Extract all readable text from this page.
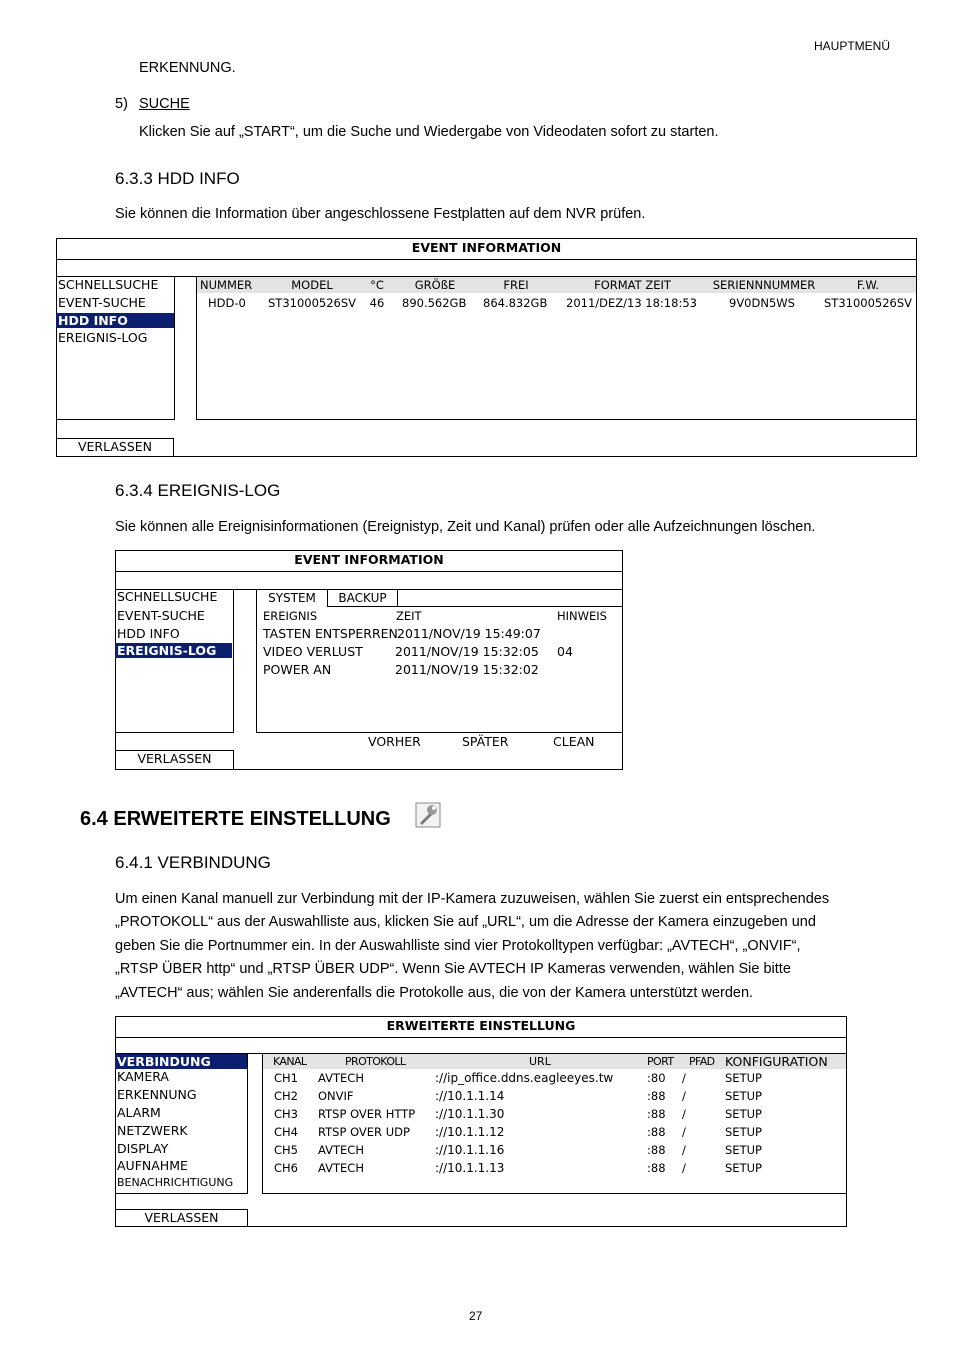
HAUPTMENÜ
ERKENNUNG.
5) SUCHE
Klicken Sie auf „START“, um die Suche und Wiedergabe von Videodaten sofort zu starten.
6.3.3 HDD INFO
Sie können die Information über angeschlossene Festplatten auf dem NVR prüfen.
EVENT INFORMATION
SCHNELLSUCHE
EVENT-SUCHE
HDD INFO
EREIGNIS-LOG
NUMMER	MODEL	°C	GRÖßE	FREI	FORMAT ZEIT	SERIENNNUMMER	F.W.
HDD-0 ST31000526SV	46	890.562GB 864.832GB 2011/DEZ/13 18:18:53	9V0DN5WS	ST31000526SV
VERLASSEN
6.3.4 EREIGNIS-LOG
Sie können alle Ereignisinformationen (Ereignistyp, Zeit und Kanal) prüfen oder alle Aufzeichnungen löschen.
EVENT INFORMATION
SCHNELLSUCHE
EVENT-SUCHE
HDD INFO
EREIGNIS-LOG
SYSTEM	BACKUP
EREIGNIS	ZEIT	HINWEIS
TASTEN ENTSPERREN 2011/NOV/19 15:49:07
VIDEO VERLUST	2011/NOV/19 15:32:05 04
POWER AN	2011/NOV/19 15:32:02
VORHER	SPÄTER	CLEAN
VERLASSEN
6.4 ERWEITERTE EINSTELLUNG
6.4.1 VERBINDUNG
Um einen Kanal manuell zur Verbindung mit der IP-Kamera zuzuweisen, wählen Sie zuerst ein entsprechendes
„PROTOKOLL“ aus der Auswahlliste aus, klicken Sie auf „URL“, um die Adresse der Kamera einzugeben und
geben Sie die Portnummer ein. In der Auswahlliste sind vier Protokolltypen verfügbar: „AVTECH“, „ONVIF“,
„RTSP ÜBER http“ und „RTSP ÜBER UDP“. Wenn Sie AVTECH IP Kameras verwenden, wählen Sie bitte
„AVTECH“ aus; wählen Sie anderenfalls die Protokolle aus, die von der Kamera unterstützt werden.
ERWEITERTE EINSTELLUNG
VERBINDUNG
KAMERA
ERKENNUNG
ALARM
NETZWERK
DISPLAY
AUFNAHME
BENACHRICHTIGUNG
KANAL	PROTOKOLL	URL	PORT PFAD KONFIGURATION
CH1 AVTECH	://ip_office.ddns.eagleeyes.tw	:80 /	SETUP
CH2 ONVIF	://10.1.1.14	:88 /	SETUP
CH3 RTSP OVER HTTP ://10.1.1.30	:88 /	SETUP
CH4 RTSP OVER UDP ://10.1.1.12	:88 /	SETUP
CH5 AVTECH	://10.1.1.16	:88 /	SETUP
CH6 AVTECH	://10.1.1.13	:88 /	SETUP
VERLASSEN
27
